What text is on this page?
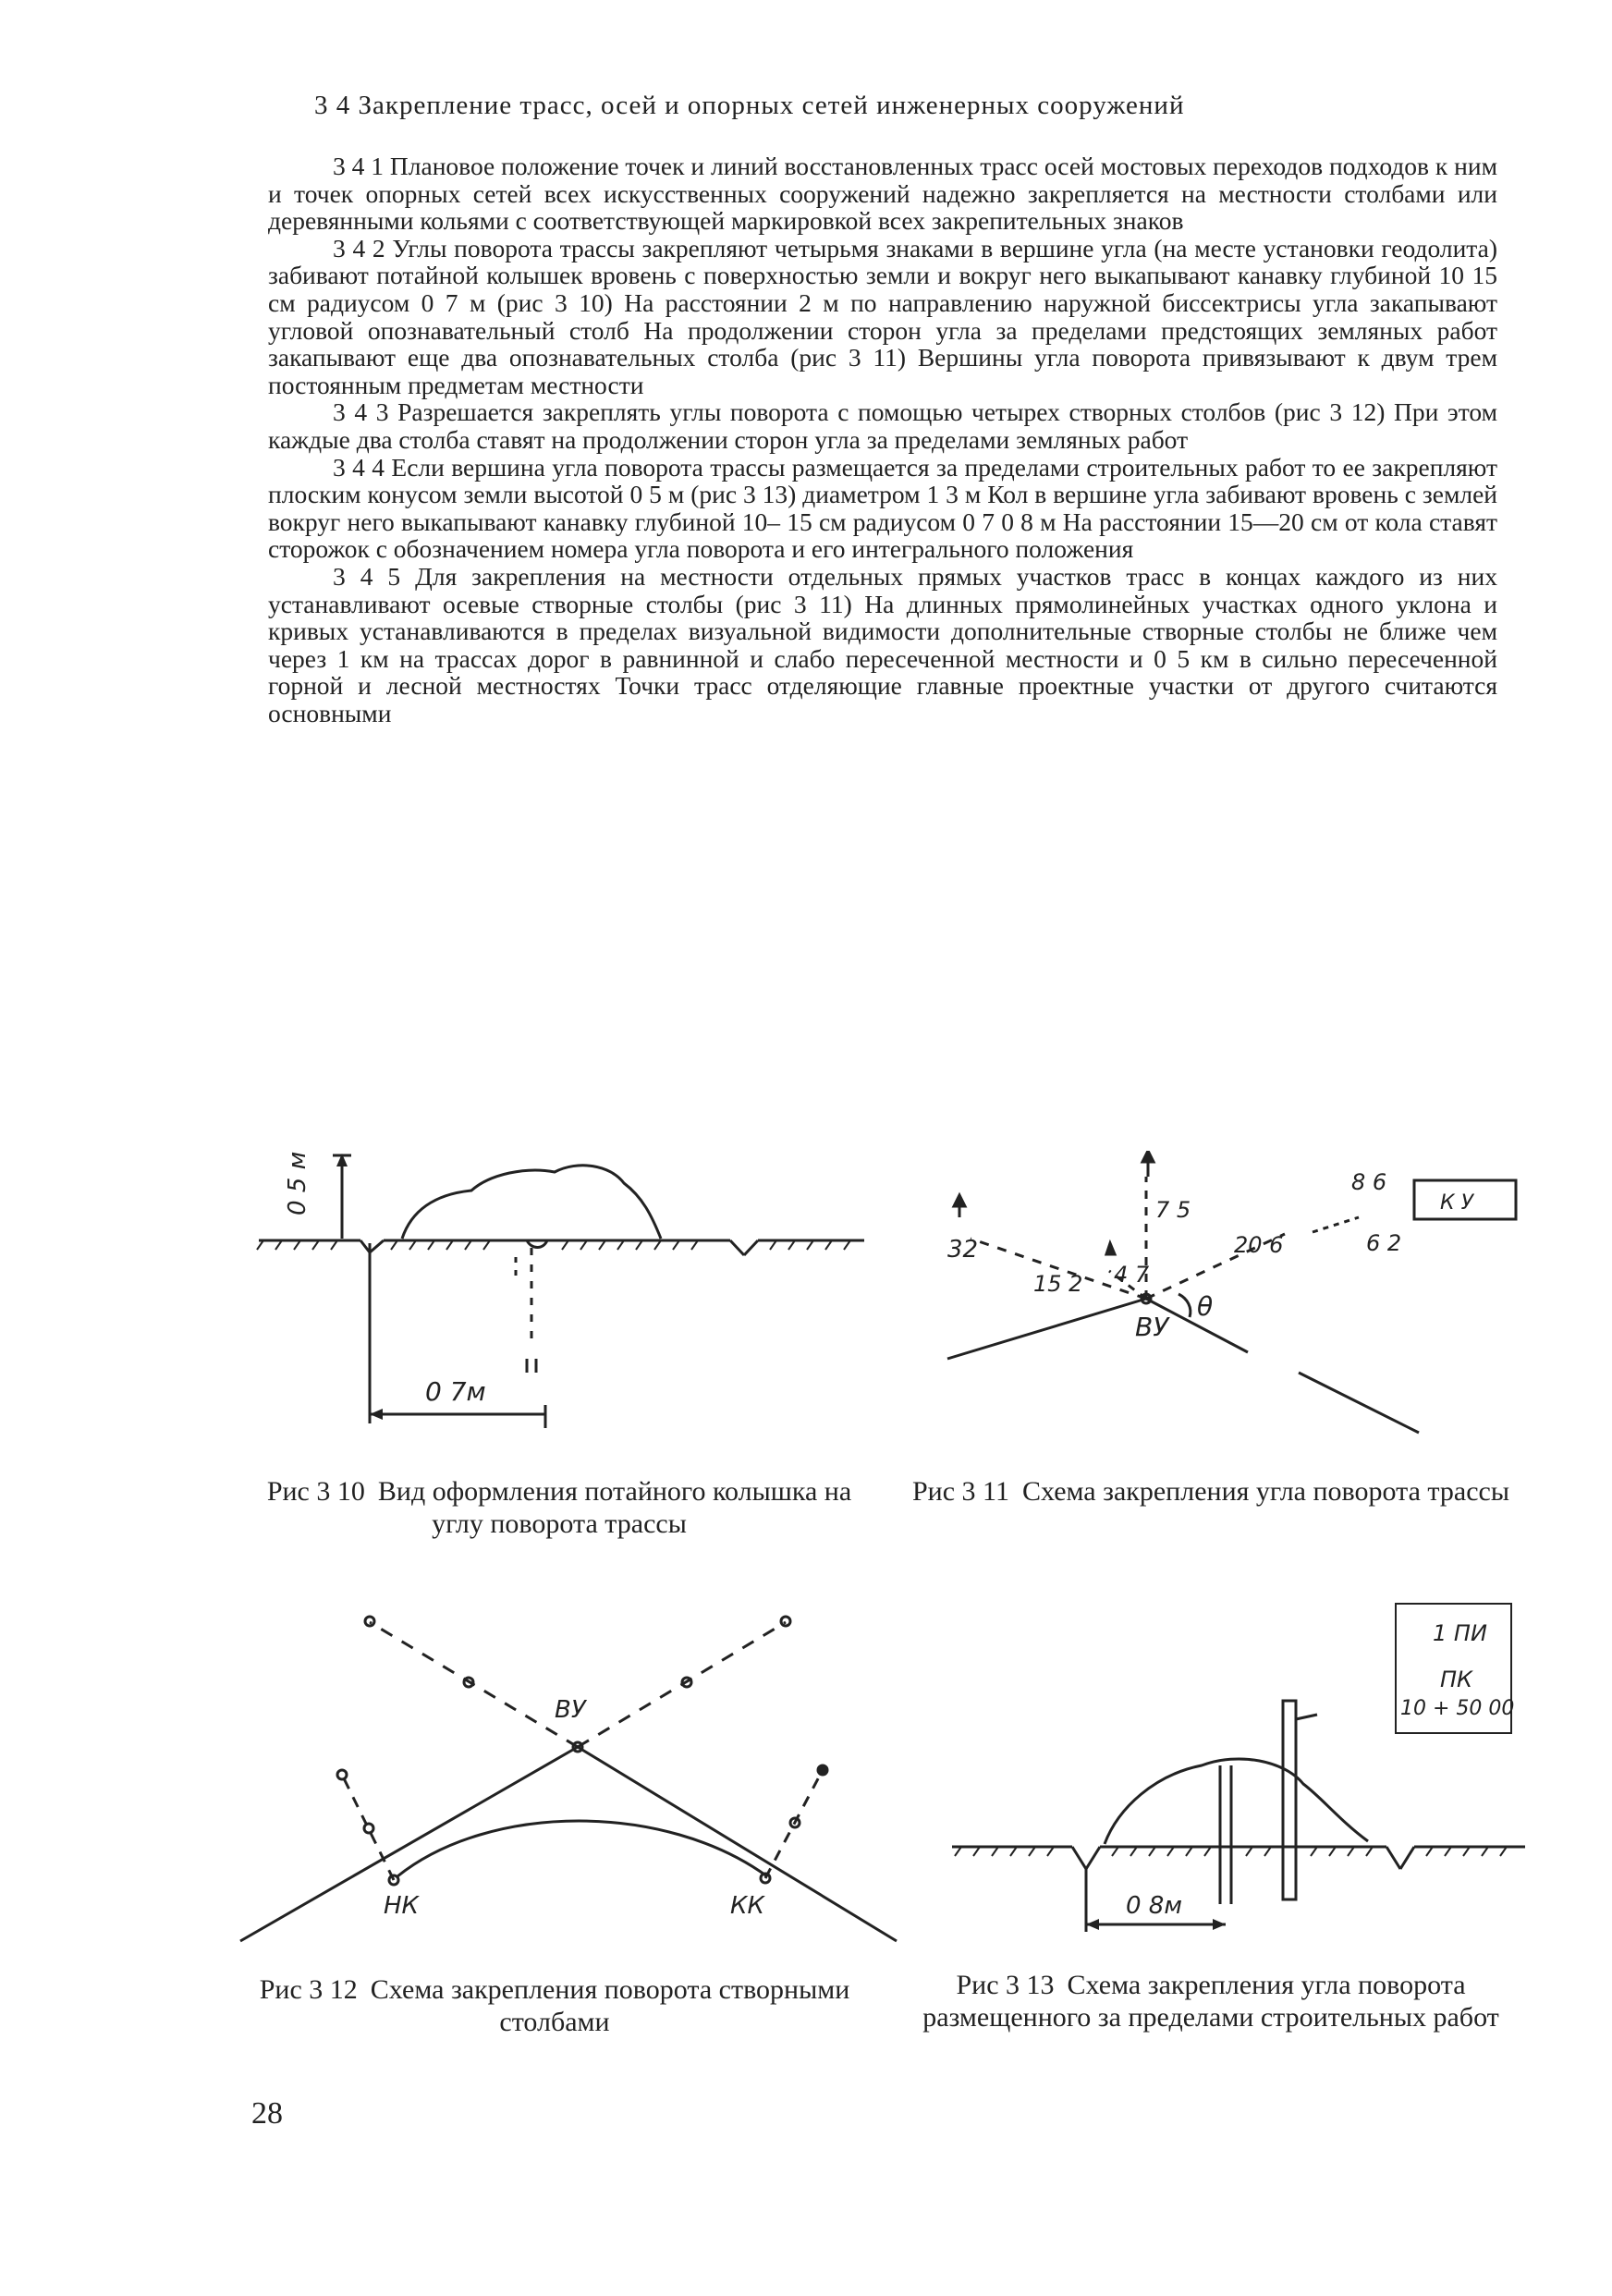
3 4 Закрепление трасс, осей и опорных сетей инженерных сооружений

3 4 1 Плановое положение точек и линий восстановленных трасс осей мостовых переходов подходов к ним и точек опорных сетей всех искусственных сооружений надежно закрепляется на местности столбами или деревянными кольями с соответствующей маркировкой всех закрепительных знаков

3 4 2 Углы поворота трассы закрепляют четырьмя знаками в вершине угла (на месте установки геодолита) забивают потайной колышек вровень с поверхностью земли и вокруг него выкапывают канавку глубиной 10 15 см радиусом 0 7 м (рис 3 10) На расстоянии 2 м по направлению наружной биссектрисы угла закапывают угловой опознавательный столб На продолжении сторон угла за пределами предстоящих земляных работ закапывают еще два опознавательных столба (рис 3 11) Вершины угла поворота привязывают к двум трем постоянным предметам местности

3 4 3 Разрешается закреплять углы поворота с помощью четырех створных столбов (рис 3 12) При этом каждые два столба ставят на продолжении сторон угла за пределами земляных работ

3 4 4 Если вершина угла поворота трассы размещается за пределами строительных работ то ее закрепляют плоским конусом земли высотой 0 5 м (рис 3 13) диаметром 1 3 м Кол в вершине угла забивают вровень с землей вокруг него выкапывают канавку глубиной 10– 15 см радиусом 0 7 0 8 м На расстоянии 15—20 см от кола ставят сторожок с обозначением номера угла поворота и его интегрального положения

3 4 5 Для закрепления на местности отдельных прямых участков трасс в концах каждого из них устанавливают осевые створные столбы (рис 3 11) На длинных прямолинейных участках одного уклона и кривых устанавливаются в пределах визуальной видимости дополнительные створные столбы не ближе чем через 1 км на трассах дорог в равнинной и слабо пересеченной местности и 0 5 км в сильно пересеченной горной и лесной местностях Точки трасс отделяющие главные проектные участки от другого считаются основными

0 5 м
0 7м
Рис 3 10 Вид оформления потайного колышка на углу поворота трассы
ВУ
θ
7 5
4 7
15 2
32	20 6
8 6
6 2
К У
Рис 3 11 Схема закрепления угла поворота трассы
ВУ
НК	КК
Рис 3 12 Схема закрепления поворота створными столбами
1 ПИ
ПК
10 + 50 00
0 8м
Рис 3 13 Схема закрепления угла поворота размещенного за пределами строительных работ
28
